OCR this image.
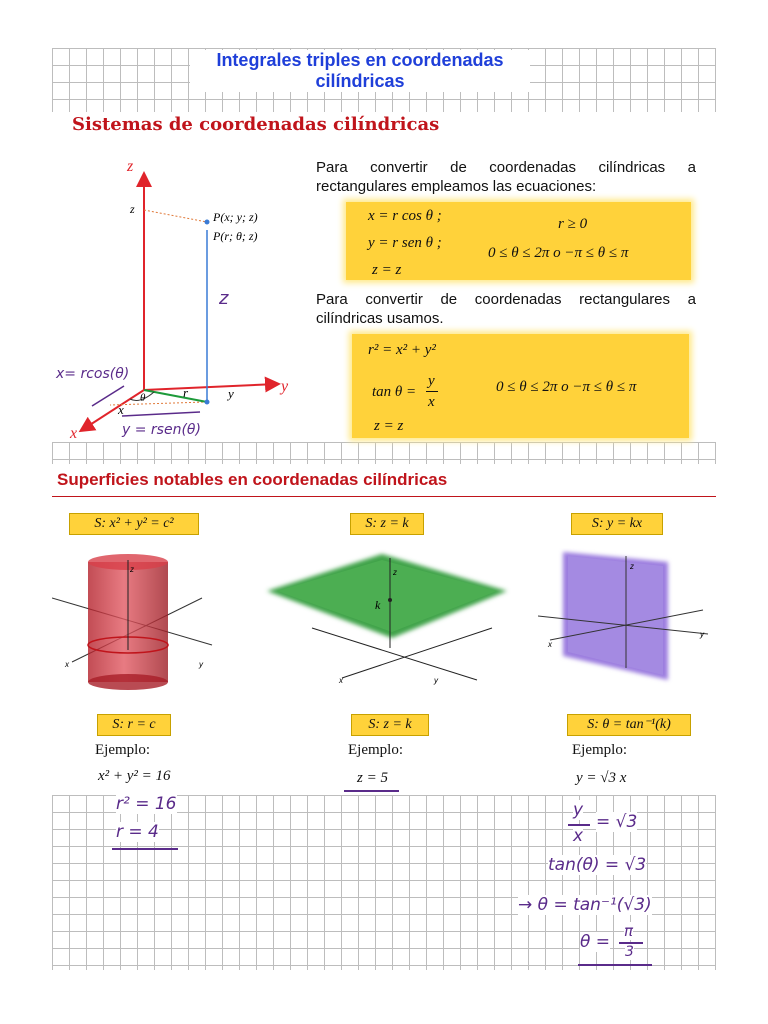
Integrales triples en coordenadas
cilíndricas
Sistemas de coordenadas cilíndricas
z
y
x
z
P(x; y; z)
P(r; θ; z)
r
θ	y
x
z
x= rcos(θ)
y = rsen(θ)
Para convertir de coordenadas cilíndricas a rectangulares empleamos las ecuaciones:
x = r cos θ ;
y = r sen θ ;
z = z
r ≥ 0
0 ≤ θ ≤ 2π o −π ≤ θ ≤ π
Para convertir de coordenadas rectangulares a cilíndricas usamos.
r² = x² + y²
tan θ =
y
x
z = z
0 ≤ θ ≤ 2π o −π ≤ θ ≤ π
Superficies notables en coordenadas cilíndricas
S: x² + y² = c²	S: z = k	S: y = kx
z
x	y
z
k
x	y
z
x
y
S: r = c	S: z = k	S: θ = tan⁻¹(k)
Ejemplo:	Ejemplo:	Ejemplo:
x² + y² = 16	z = 5	y = √3 x
r² = 16
r = 4
y
x
= √3
tan(θ) = √3
→ θ = tan⁻¹(√3)
θ =
π
3
